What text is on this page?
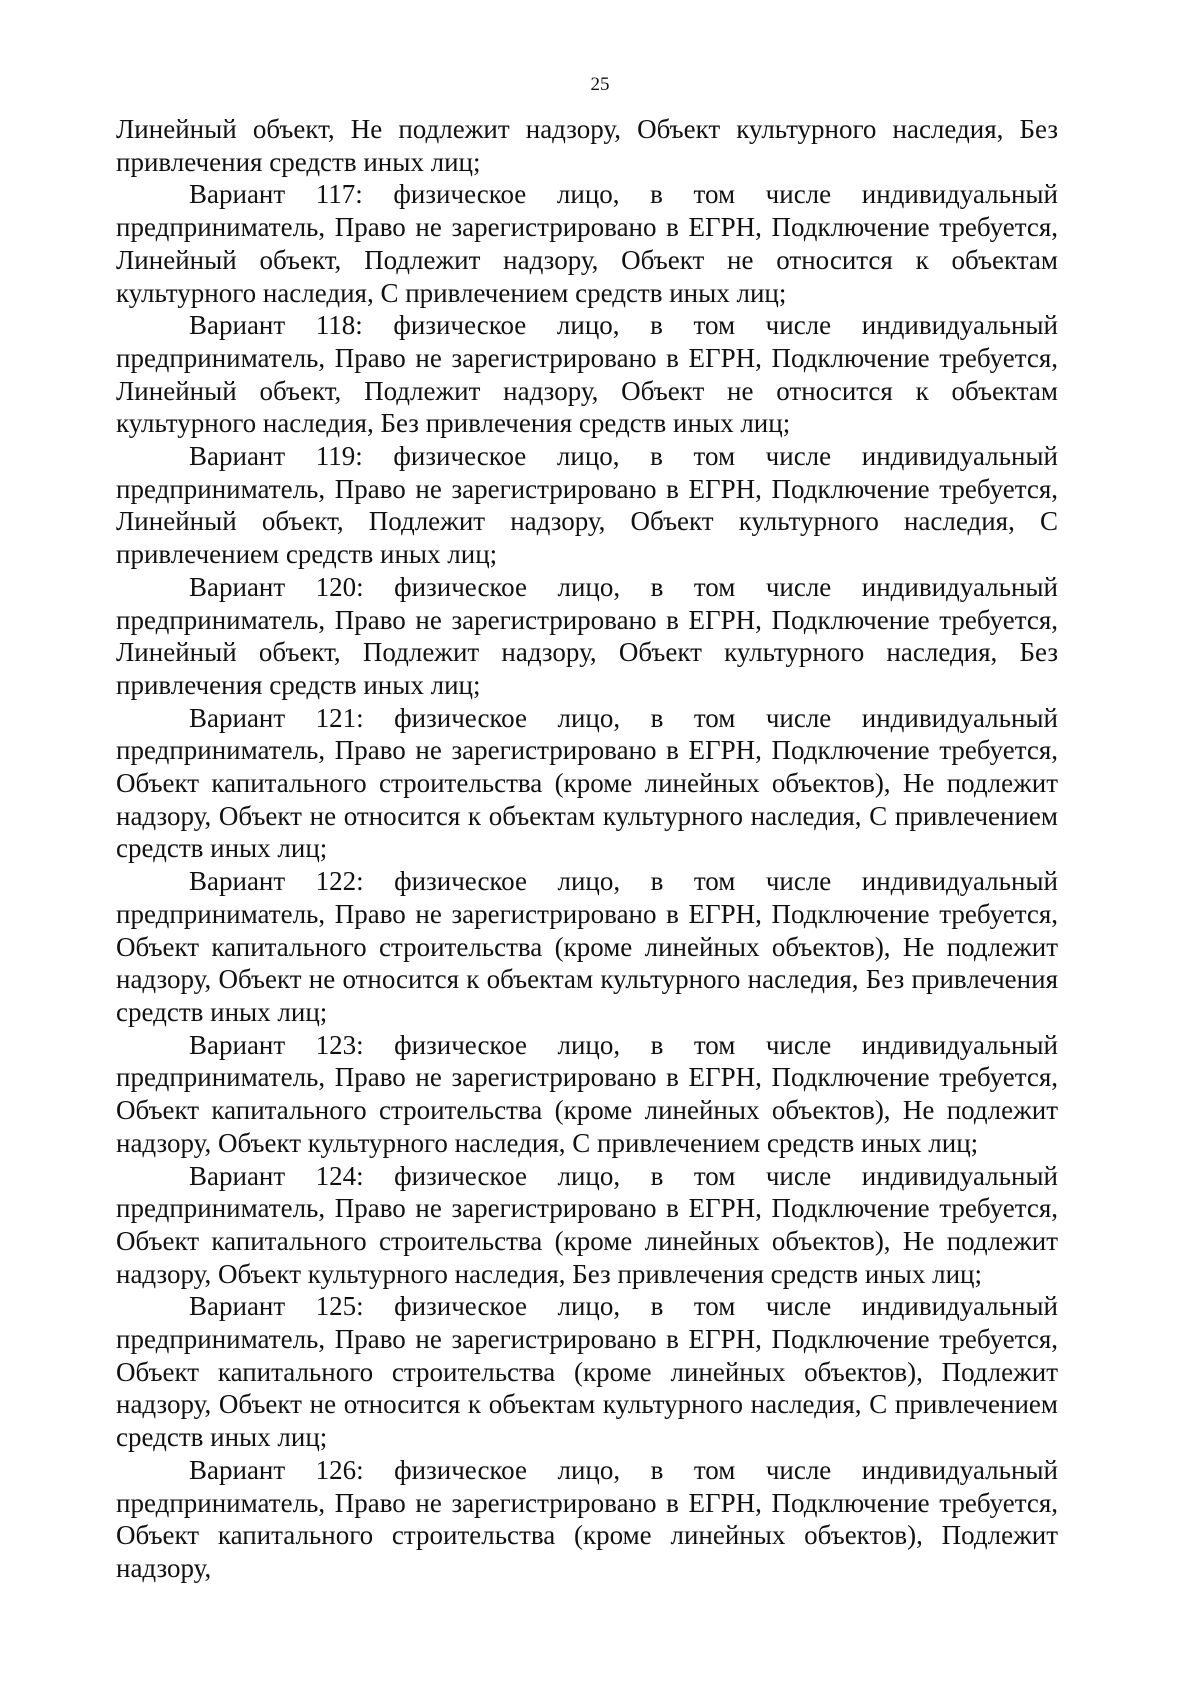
25

Линейный объект, Не подлежит надзору, Объект культурного наследия, Без привлечения средств иных лиц;

Вариант 117: физическое лицо, в том числе индивидуальный предприниматель, Право не зарегистрировано в ЕГРН, Подключение требуется, Линейный объект, Подлежит надзору, Объект не относится к объектам культурного наследия, С привлечением средств иных лиц;

Вариант 118: физическое лицо, в том числе индивидуальный предприниматель, Право не зарегистрировано в ЕГРН, Подключение требуется, Линейный объект, Подлежит надзору, Объект не относится к объектам культурного наследия, Без привлечения средств иных лиц;

Вариант 119: физическое лицо, в том числе индивидуальный предприниматель, Право не зарегистрировано в ЕГРН, Подключение требуется, Линейный объект, Подлежит надзору, Объект культурного наследия, С привлечением средств иных лиц;

Вариант 120: физическое лицо, в том числе индивидуальный предприниматель, Право не зарегистрировано в ЕГРН, Подключение требуется, Линейный объект, Подлежит надзору, Объект культурного наследия, Без привлечения средств иных лиц;

Вариант 121: физическое лицо, в том числе индивидуальный предприниматель, Право не зарегистрировано в ЕГРН, Подключение требуется, Объект капитального строительства (кроме линейных объектов), Не подлежит надзору, Объект не относится к объектам культурного наследия, С привлечением средств иных лиц;

Вариант 122: физическое лицо, в том числе индивидуальный предприниматель, Право не зарегистрировано в ЕГРН, Подключение требуется, Объект капитального строительства (кроме линейных объектов), Не подлежит надзору, Объект не относится к объектам культурного наследия, Без привлечения средств иных лиц;

Вариант 123: физическое лицо, в том числе индивидуальный предприниматель, Право не зарегистрировано в ЕГРН, Подключение требуется, Объект капитального строительства (кроме линейных объектов), Не подлежит надзору, Объект культурного наследия, С привлечением средств иных лиц;

Вариант 124: физическое лицо, в том числе индивидуальный предприниматель, Право не зарегистрировано в ЕГРН, Подключение требуется, Объект капитального строительства (кроме линейных объектов), Не подлежит надзору, Объект культурного наследия, Без привлечения средств иных лиц;

Вариант 125: физическое лицо, в том числе индивидуальный предприниматель, Право не зарегистрировано в ЕГРН, Подключение требуется, Объект капитального строительства (кроме линейных объектов), Подлежит надзору, Объект не относится к объектам культурного наследия, С привлечением средств иных лиц;

Вариант 126: физическое лицо, в том числе индивидуальный предприниматель, Право не зарегистрировано в ЕГРН, Подключение требуется, Объект капитального строительства (кроме линейных объектов), Подлежит надзору,
